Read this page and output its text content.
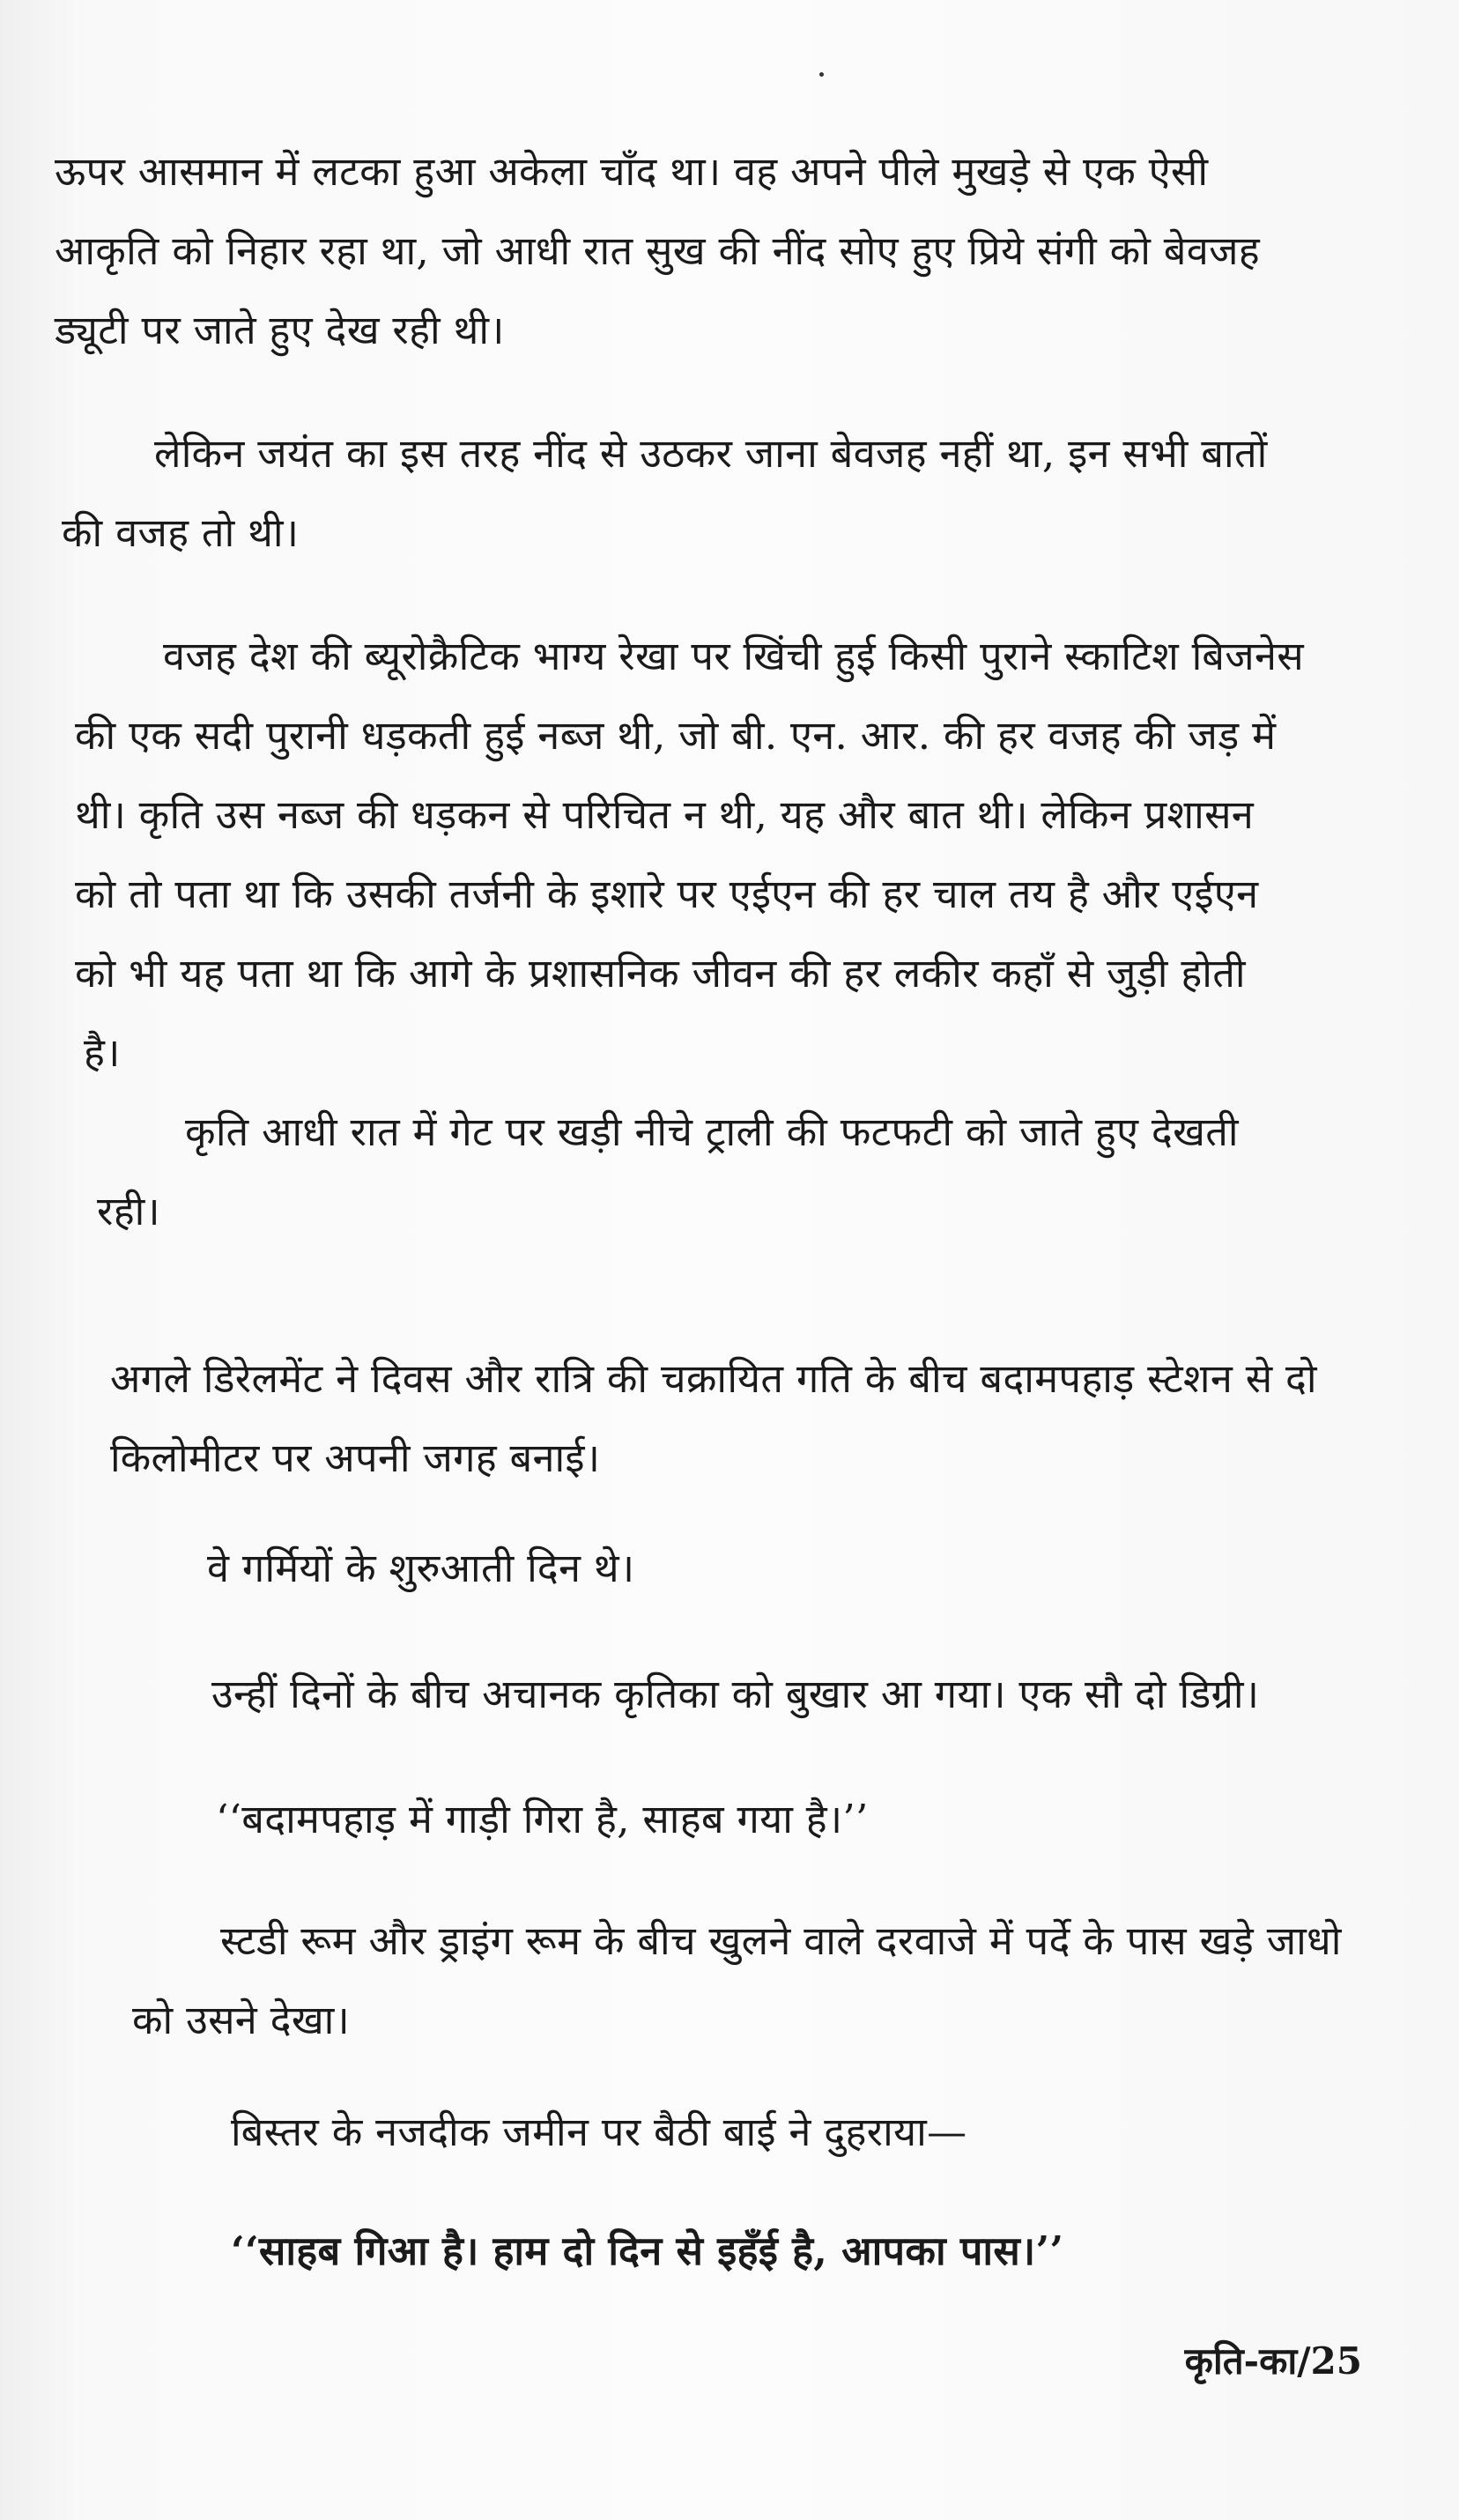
ऊपर आसमान में लटका हुआ अकेला चाँद था। वह अपने पीले मुखड़े से एक ऐसी
आकृति को निहार रहा था, जो आधी रात सुख की नींद सोए हुए प्रिये संगी को बेवजह
ड्यूटी पर जाते हुए देख रही थी।
लेकिन जयंत का इस तरह नींद से उठकर जाना बेवजह नहीं था, इन सभी बातों
की वजह तो थी।
वजह देश की ब्यूरोक्रैटिक भाग्य रेखा पर खिंची हुई किसी पुराने स्काटिश बिजनेस
की एक सदी पुरानी धड़कती हुई नब्ज थी, जो बी. एन. आर. की हर वजह की जड़ में
थी। कृति उस नब्ज की धड़कन से परिचित न थी, यह और बात थी। लेकिन प्रशासन
को तो पता था कि उसकी तर्जनी के इशारे पर एईएन की हर चाल तय है और एईएन
को भी यह पता था कि आगे के प्रशासनिक जीवन की हर लकीर कहाँ से जुड़ी होती
है।
कृति आधी रात में गेट पर खड़ी नीचे ट्राली की फटफटी को जाते हुए देखती
रही।
अगले डिरेलमेंट ने दिवस और रात्रि की चक्रायित गति के बीच बदामपहाड़ स्टेशन से दो
किलोमीटर पर अपनी जगह बनाई।
वे गर्मियों के शुरुआती दिन थे।
उन्हीं दिनों के बीच अचानक कृतिका को बुखार आ गया। एक सौ दो डिग्री।
‘‘बदामपहाड़ में गाड़ी गिरा है, साहब गया है।’’
स्टडी रूम और ड्राइंग रूम के बीच खुलने वाले दरवाजे में पर्दे के पास खड़े जाधो
को उसने देखा।
बिस्तर के नजदीक जमीन पर बैठी बाई ने दुहराया—
‘‘साहब गिआ है। हाम दो दिन से इहँई है, आपका पास।’’
कृति-का/25
